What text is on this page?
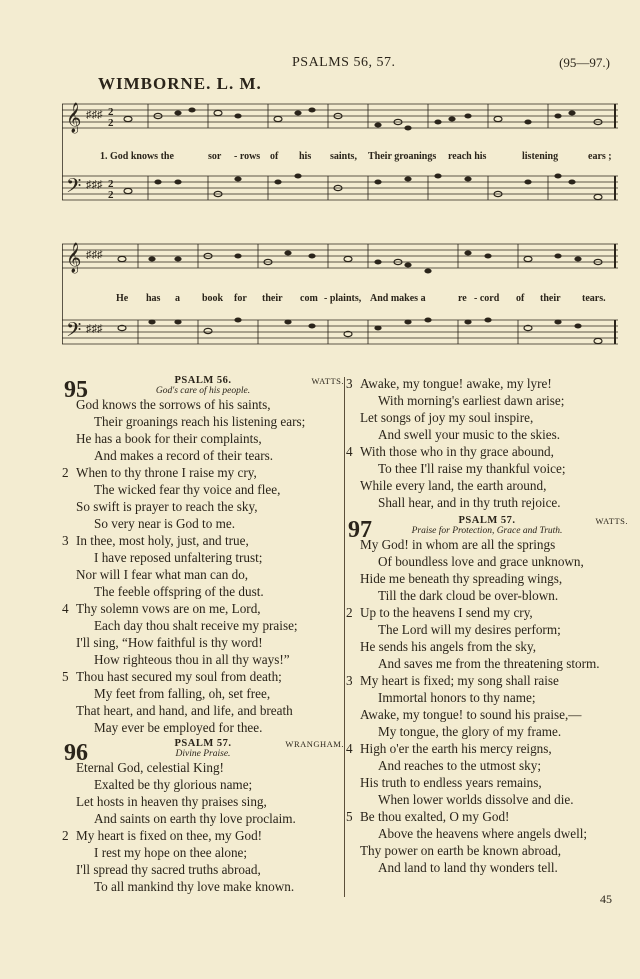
PSALMS 56, 57.	(95—97.)
WIMBORNE. L. M.
𝄞
𝄢
♯♯♯
♯♯♯
2
2
2
2
1. God knows the	sor - rows of his saints, Their groanings reach his	listening	ears ;
𝄞
𝄢
♯♯♯
♯♯♯
He has a book for their com - plaints, And makes a	re - cord of their tears.
95	PSALM 56.	WATTS.
God's care of his people.
God knows the sorrows of his saints,
Their groanings reach his listening ears;
He has a book for their complaints,
And makes a record of their tears.
2 When to thy throne I raise my cry,
The wicked fear thy voice and flee,
So swift is prayer to reach the sky,
So very near is God to me.
3 In thee, most holy, just, and true,
I have reposed unfaltering trust;
Nor will I fear what man can do,
The feeble offspring of the dust.
4 Thy solemn vows are on me, Lord,
Each day thou shalt receive my praise;
I'll sing, “How faithful is thy word!
How righteous thou in all thy ways!”
5 Thou hast secured my soul from death;
My feet from falling, oh, set free,
That heart, and hand, and life, and breath
May ever be employed for thee.
96	PSALM 57.	WRANGHAM.
Divine Praise.
Eternal God, celestial King!
Exalted be thy glorious name;
Let hosts in heaven thy praises sing,
And saints on earth thy love proclaim.
2 My heart is fixed on thee, my God!
I rest my hope on thee alone;
I'll spread thy sacred truths abroad,
To all mankind thy love make known.
3 Awake, my tongue! awake, my lyre!
With morning's earliest dawn arise;
Let songs of joy my soul inspire,
And swell your music to the skies.
4 With those who in thy grace abound,
To thee I'll raise my thankful voice;
While every land, the earth around,
Shall hear, and in thy truth rejoice.
97	PSALM 57.	WATTS.
Praise for Protection, Grace and Truth.
My God! in whom are all the springs
Of boundless love and grace unknown,
Hide me beneath thy spreading wings,
Till the dark cloud be over-blown.
2 Up to the heavens I send my cry,
The Lord will my desires perform;
He sends his angels from the sky,
And saves me from the threatening storm.
3 My heart is fixed; my song shall raise
Immortal honors to thy name;
Awake, my tongue! to sound his praise,—
My tongue, the glory of my frame.
4 High o'er the earth his mercy reigns,
And reaches to the utmost sky;
His truth to endless years remains,
When lower worlds dissolve and die.
5 Be thou exalted, O my God!
Above the heavens where angels dwell;
Thy power on earth be known abroad,
And land to land thy wonders tell.
45
